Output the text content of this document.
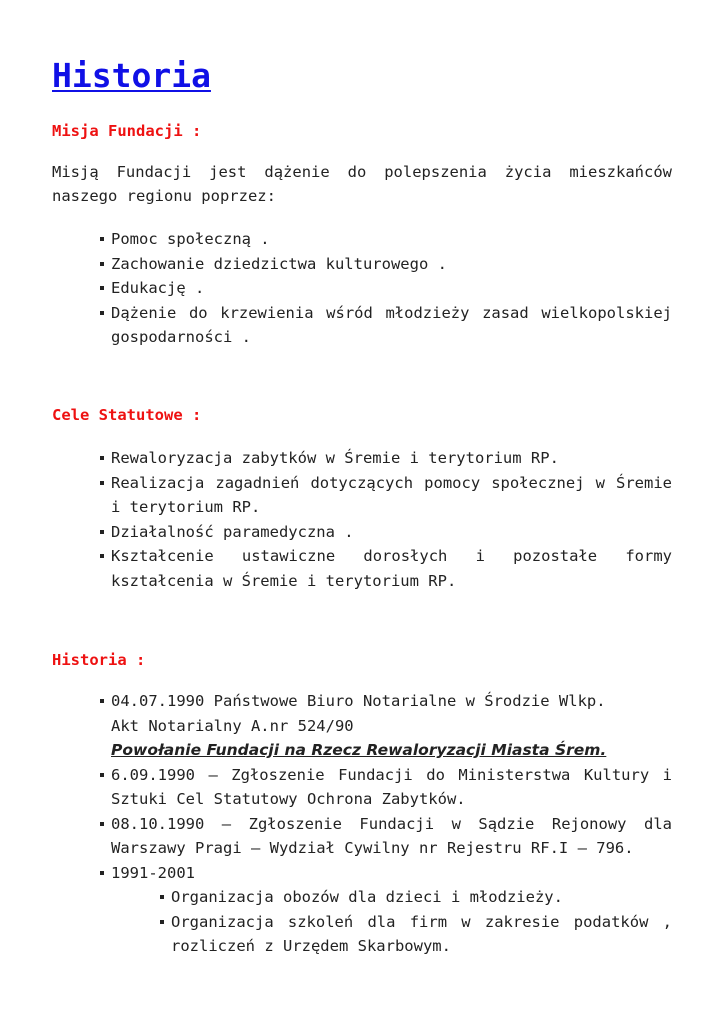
Historia

Misja Fundacji :

Misją Fundacji jest dążenie do polepszenia życia mieszkańców naszego regionu poprzez:

Pomoc społeczną .
Zachowanie dziedzictwa kulturowego .
Edukację .
Dążenie do krzewienia wśród młodzieży zasad wielkopolskiej gospodarności .

Cele Statutowe :

Rewaloryzacja zabytków w Śremie i terytorium RP.
Realizacja zagadnień dotyczących pomocy społecznej w Śremie i terytorium RP.
Działalność paramedyczna .
Kształcenie ustawiczne dorosłych i pozostałe formy kształcenia w Śremie i terytorium RP.

Historia :

04.07.1990 Państwowe Biuro Notarialne w Środzie Wlkp.
Akt Notarialny A.nr 524/90
Powołanie Fundacji na Rzecz Rewaloryzacji Miasta Śrem.
6.09.1990 – Zgłoszenie Fundacji do Ministerstwa Kultury i Sztuki Cel Statutowy Ochrona Zabytków.
08.10.1990 – Zgłoszenie Fundacji w Sądzie Rejonowy dla Warszawy Pragi – Wydział Cywilny nr Rejestru RF.I – 796.
1991-2001
Organizacja obozów dla dzieci i młodzieży.
Organizacja szkoleń dla firm w zakresie podatków , rozliczeń z Urzędem Skarbowym.
